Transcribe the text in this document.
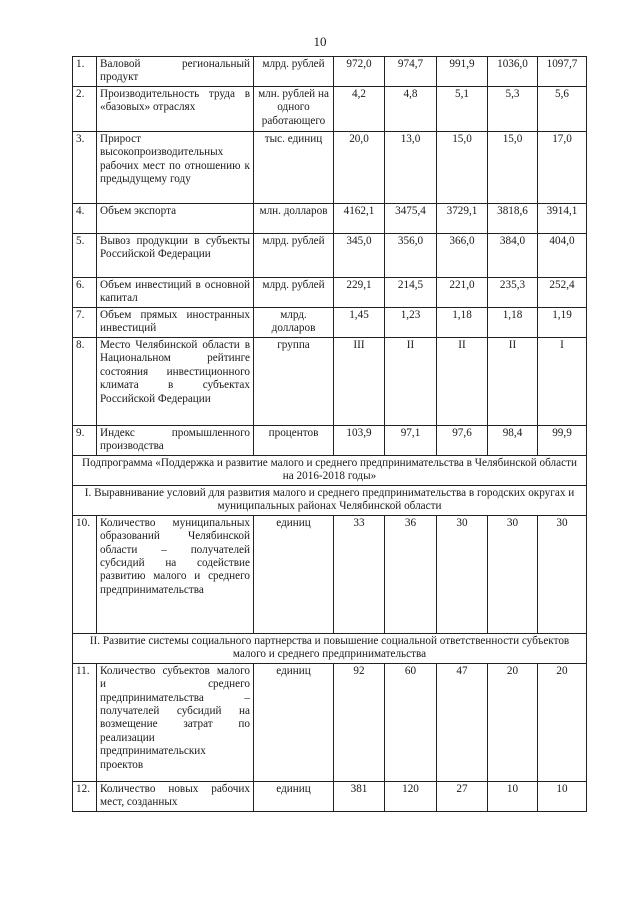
10
1.	Валовой региональный продукт	млрд. рублей	972,0	974,7	991,9	1036,0	1097,7
2.	Производительность труда в «базовых» отраслях	млн. рублей на одного работающего	4,2	4,8	5,1	5,3	5,6
3.	Прирост высокопроизводительных рабочих мест по отношению к предыдущему году	тыс. единиц	20,0	13,0	15,0	15,0	17,0
4.	Объем экспорта	млн. долларов	4162,1	3475,4	3729,1	3818,6	3914,1
5.	Вывоз продукции в субъекты Российской Федерации	млрд. рублей	345,0	356,0	366,0	384,0	404,0
6.	Объем инвестиций в основной капитал	млрд. рублей	229,1	214,5	221,0	235,3	252,4
7.	Объем прямых иностранных инвестиций	млрд. долларов	1,45	1,23	1,18	1,18	1,19
8.	Место Челябинской области в Национальном рейтинге состояния инвестиционного климата в субъектах Российской Федерации	группа	III	II	II	II	I
9.	Индекс промышленного производства	процентов	103,9	97,1	97,6	98,4	99,9
Подпрограмма «Поддержка и развитие малого и среднего предпринимательства в Челябинской области на 2016-2018 годы»							
I. Выравнивание условий для развития малого и среднего предпринимательства в городских округах и муниципальных районах Челябинской области							
10.	Количество муниципальных образований Челябинской области – получателей субсидий на содействие развитию малого и среднего предпринимательства	единиц	33	36	30	30	30
II. Развитие системы социального партнерства и повышение социальной ответственности субъектов малого и среднего предпринимательства							
11.	Количество субъектов малого и среднего предпринимательства – получателей субсидий на возмещение затрат по реализации предпринимательских проектов	единиц	92	60	47	20	20
12.	Количество новых рабочих мест, созданных	единиц	381	120	27	10	10
